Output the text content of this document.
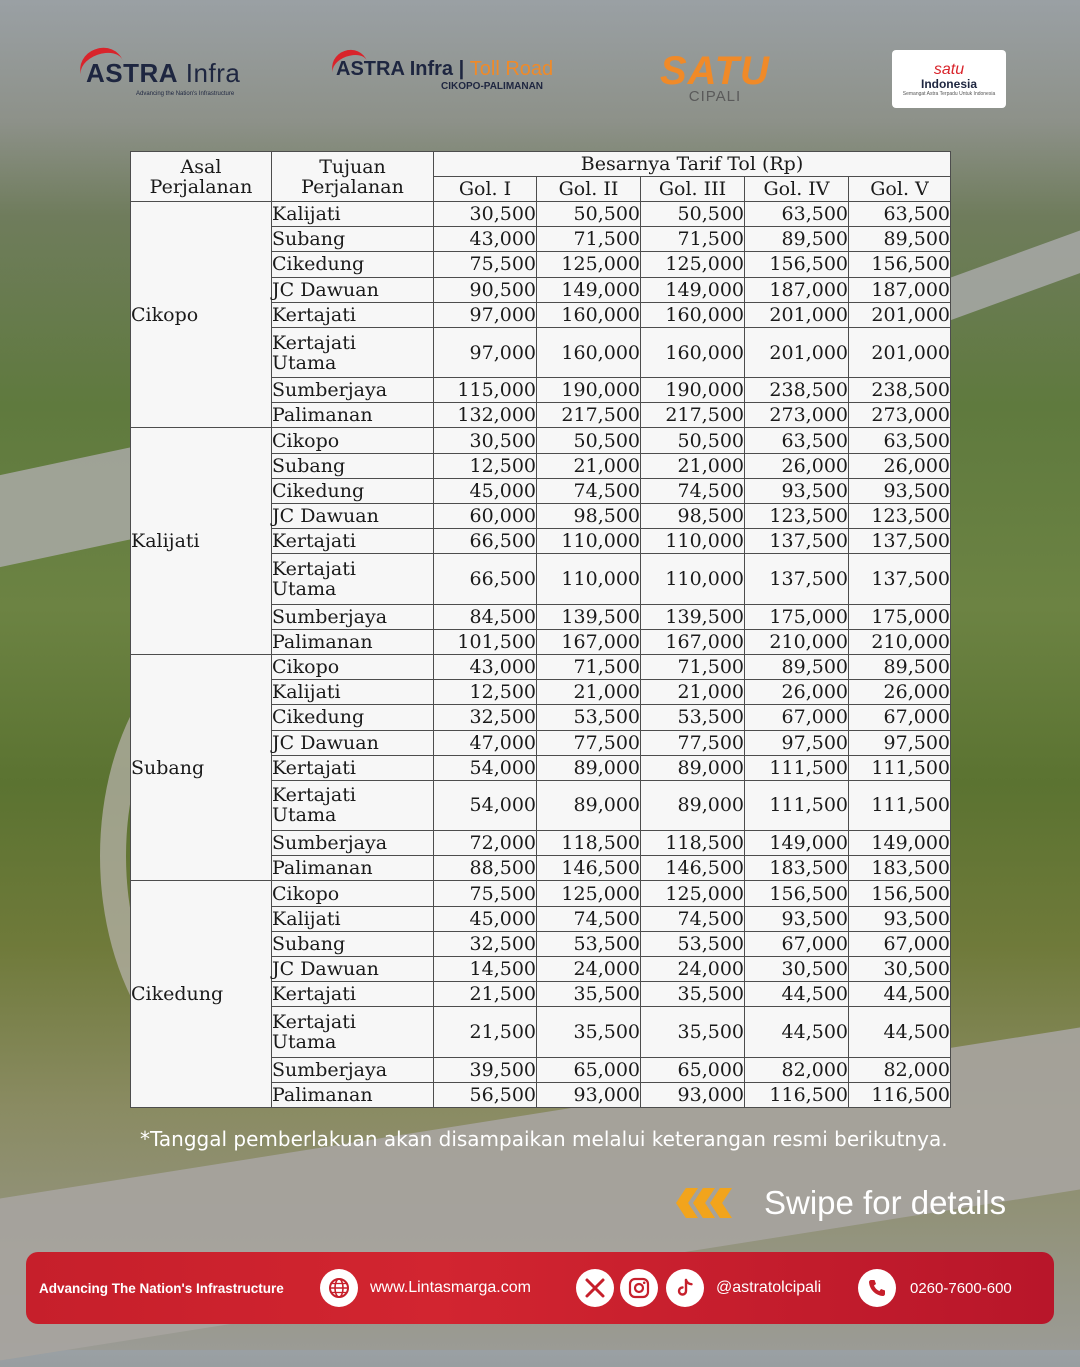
ASTRA Infra
Advancing the Nation's Infrastructure
ASTRA Infra | Toll Road
CIKOPO-PALIMANAN	SATU
CIPALI
satu
Indonesia
Semangat Astra Terpadu Untuk Indonesia
Asal
Perjalanan	Tujuan
Perjalanan	Besarnya Tarif Tol (Rp)				
		Gol. I	Gol. II	Gol. III	Gol. IV	Gol. V
Cikopo	Kalijati	30,500	50,500	50,500	63,500	63,500
	Subang	43,000	71,500	71,500	89,500	89,500
	Cikedung	75,500	125,000	125,000	156,500	156,500
	JC Dawuan	90,500	149,000	149,000	187,000	187,000
	Kertajati	97,000	160,000	160,000	201,000	201,000
	Kertajati
Utama	97,000	160,000	160,000	201,000	201,000
	Sumberjaya	115,000	190,000	190,000	238,500	238,500
	Palimanan	132,000	217,500	217,500	273,000	273,000
Kalijati	Cikopo	30,500	50,500	50,500	63,500	63,500
	Subang	12,500	21,000	21,000	26,000	26,000
	Cikedung	45,000	74,500	74,500	93,500	93,500
	JC Dawuan	60,000	98,500	98,500	123,500	123,500
	Kertajati	66,500	110,000	110,000	137,500	137,500
	Kertajati
Utama	66,500	110,000	110,000	137,500	137,500
	Sumberjaya	84,500	139,500	139,500	175,000	175,000
	Palimanan	101,500	167,000	167,000	210,000	210,000
Subang	Cikopo	43,000	71,500	71,500	89,500	89,500
	Kalijati	12,500	21,000	21,000	26,000	26,000
	Cikedung	32,500	53,500	53,500	67,000	67,000
	JC Dawuan	47,000	77,500	77,500	97,500	97,500
	Kertajati	54,000	89,000	89,000	111,500	111,500
	Kertajati
Utama	54,000	89,000	89,000	111,500	111,500
	Sumberjaya	72,000	118,500	118,500	149,000	149,000
	Palimanan	88,500	146,500	146,500	183,500	183,500
Cikedung	Cikopo	75,500	125,000	125,000	156,500	156,500
	Kalijati	45,000	74,500	74,500	93,500	93,500
	Subang	32,500	53,500	53,500	67,000	67,000
	JC Dawuan	14,500	24,000	24,000	30,500	30,500
	Kertajati	21,500	35,500	35,500	44,500	44,500
	Kertajati
Utama	21,500	35,500	35,500	44,500	44,500
	Sumberjaya	39,500	65,000	65,000	82,000	82,000
	Palimanan	56,500	93,000	93,000	116,500	116,500
*Tanggal pemberlakuan akan disampaikan melalui keterangan resmi berikutnya.
Swipe for details
Advancing The Nation's Infrastructure	www.Lintasmarga.com	@astratolcipali	0260-7600-600
